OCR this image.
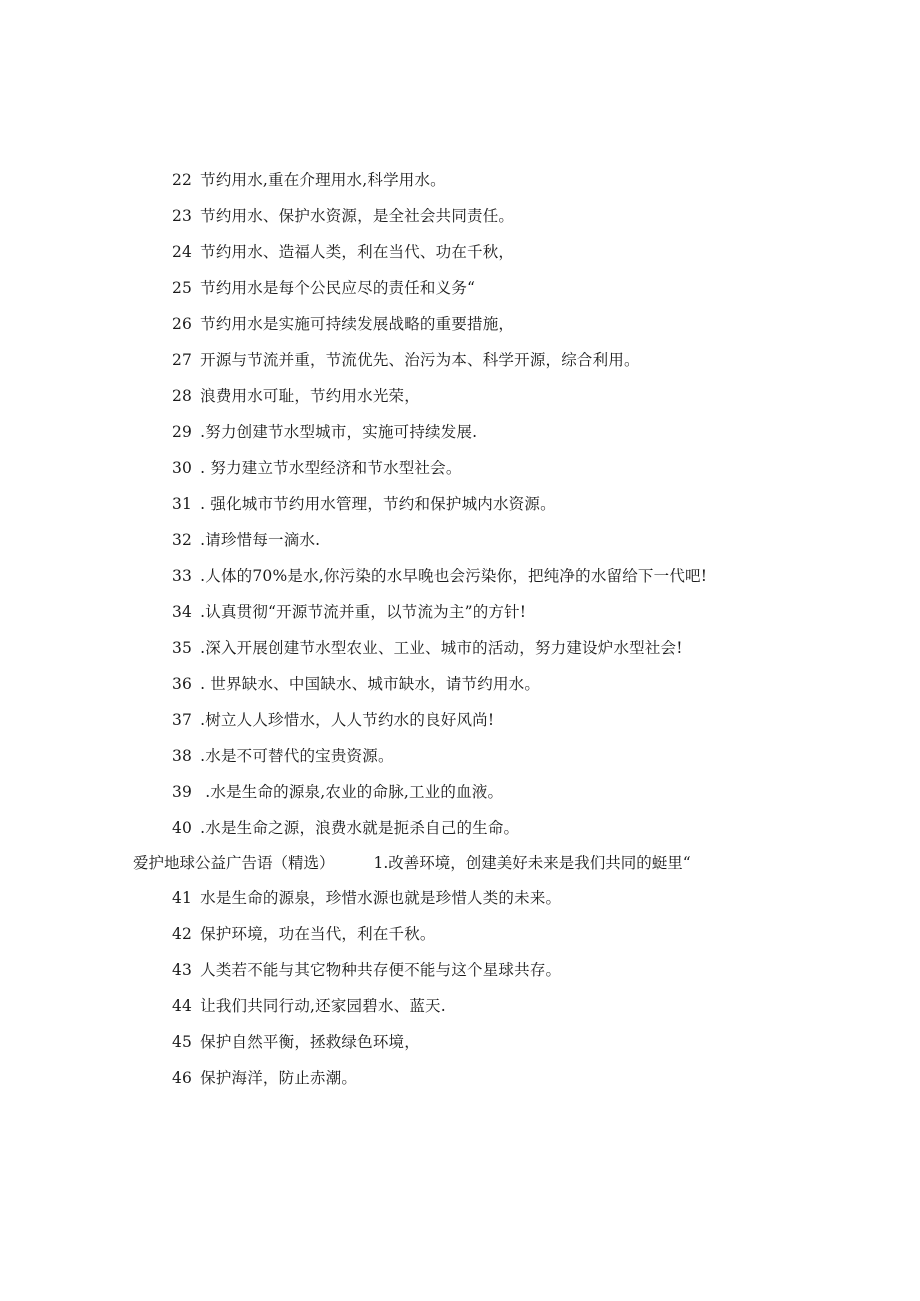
22 节约用水,重在介理用水,科学用水。
23 节约用水、保护水资源，是全社会共同责任。
24 节约用水、造福人类，利在当代、功在千秋，
25 节约用水是每个公民应尽的责任和义务“
26 节约用水是实施可持续发展战略的重要措施，
27 开源与节流并重，节流优先、治污为本、科学开源，综合利用。
28 浪费用水可耻，节约用水光荣，
29 .努力创建节水型城市，实施可持续发展.
30 . 努力建立节水型经济和节水型社会。
31 . 强化城市节约用水管理，节约和保护城内水资源。
32 .请珍惜每一滴水.
33 .人体的70%是水,你污染的水早晚也会污染你，把纯净的水留给下一代吧!
34 .认真贯彻“开源节流并重，以节流为主”的方针!
35 .深入开展创建节水型农业、工业、城市的活动，努力建设炉水型社会!
36 . 世界缺水、中国缺水、城市缺水，请节约用水。
37 .树立人人珍惜水，人人节约水的良好风尚!
38 .水是不可替代的宝贵资源。
39 .水是生命的源泉,农业的命脉,工业的血液。
40 .水是生命之源，浪费水就是扼杀自己的生命。
爱护地球公益广告语（精选）	1.改善环境，创建美好未来是我们共同的蜓里“
41 水是生命的源泉，珍惜水源也就是珍惜人类的未来。
42 保护环境，功在当代，利在千秋。
43 人类若不能与其它物种共存便不能与这个星球共存。
44 让我们共同行动,还家园碧水、蓝天.
45 保护自然平衡，拯救绿色环境，
46 保护海洋，防止赤潮。
